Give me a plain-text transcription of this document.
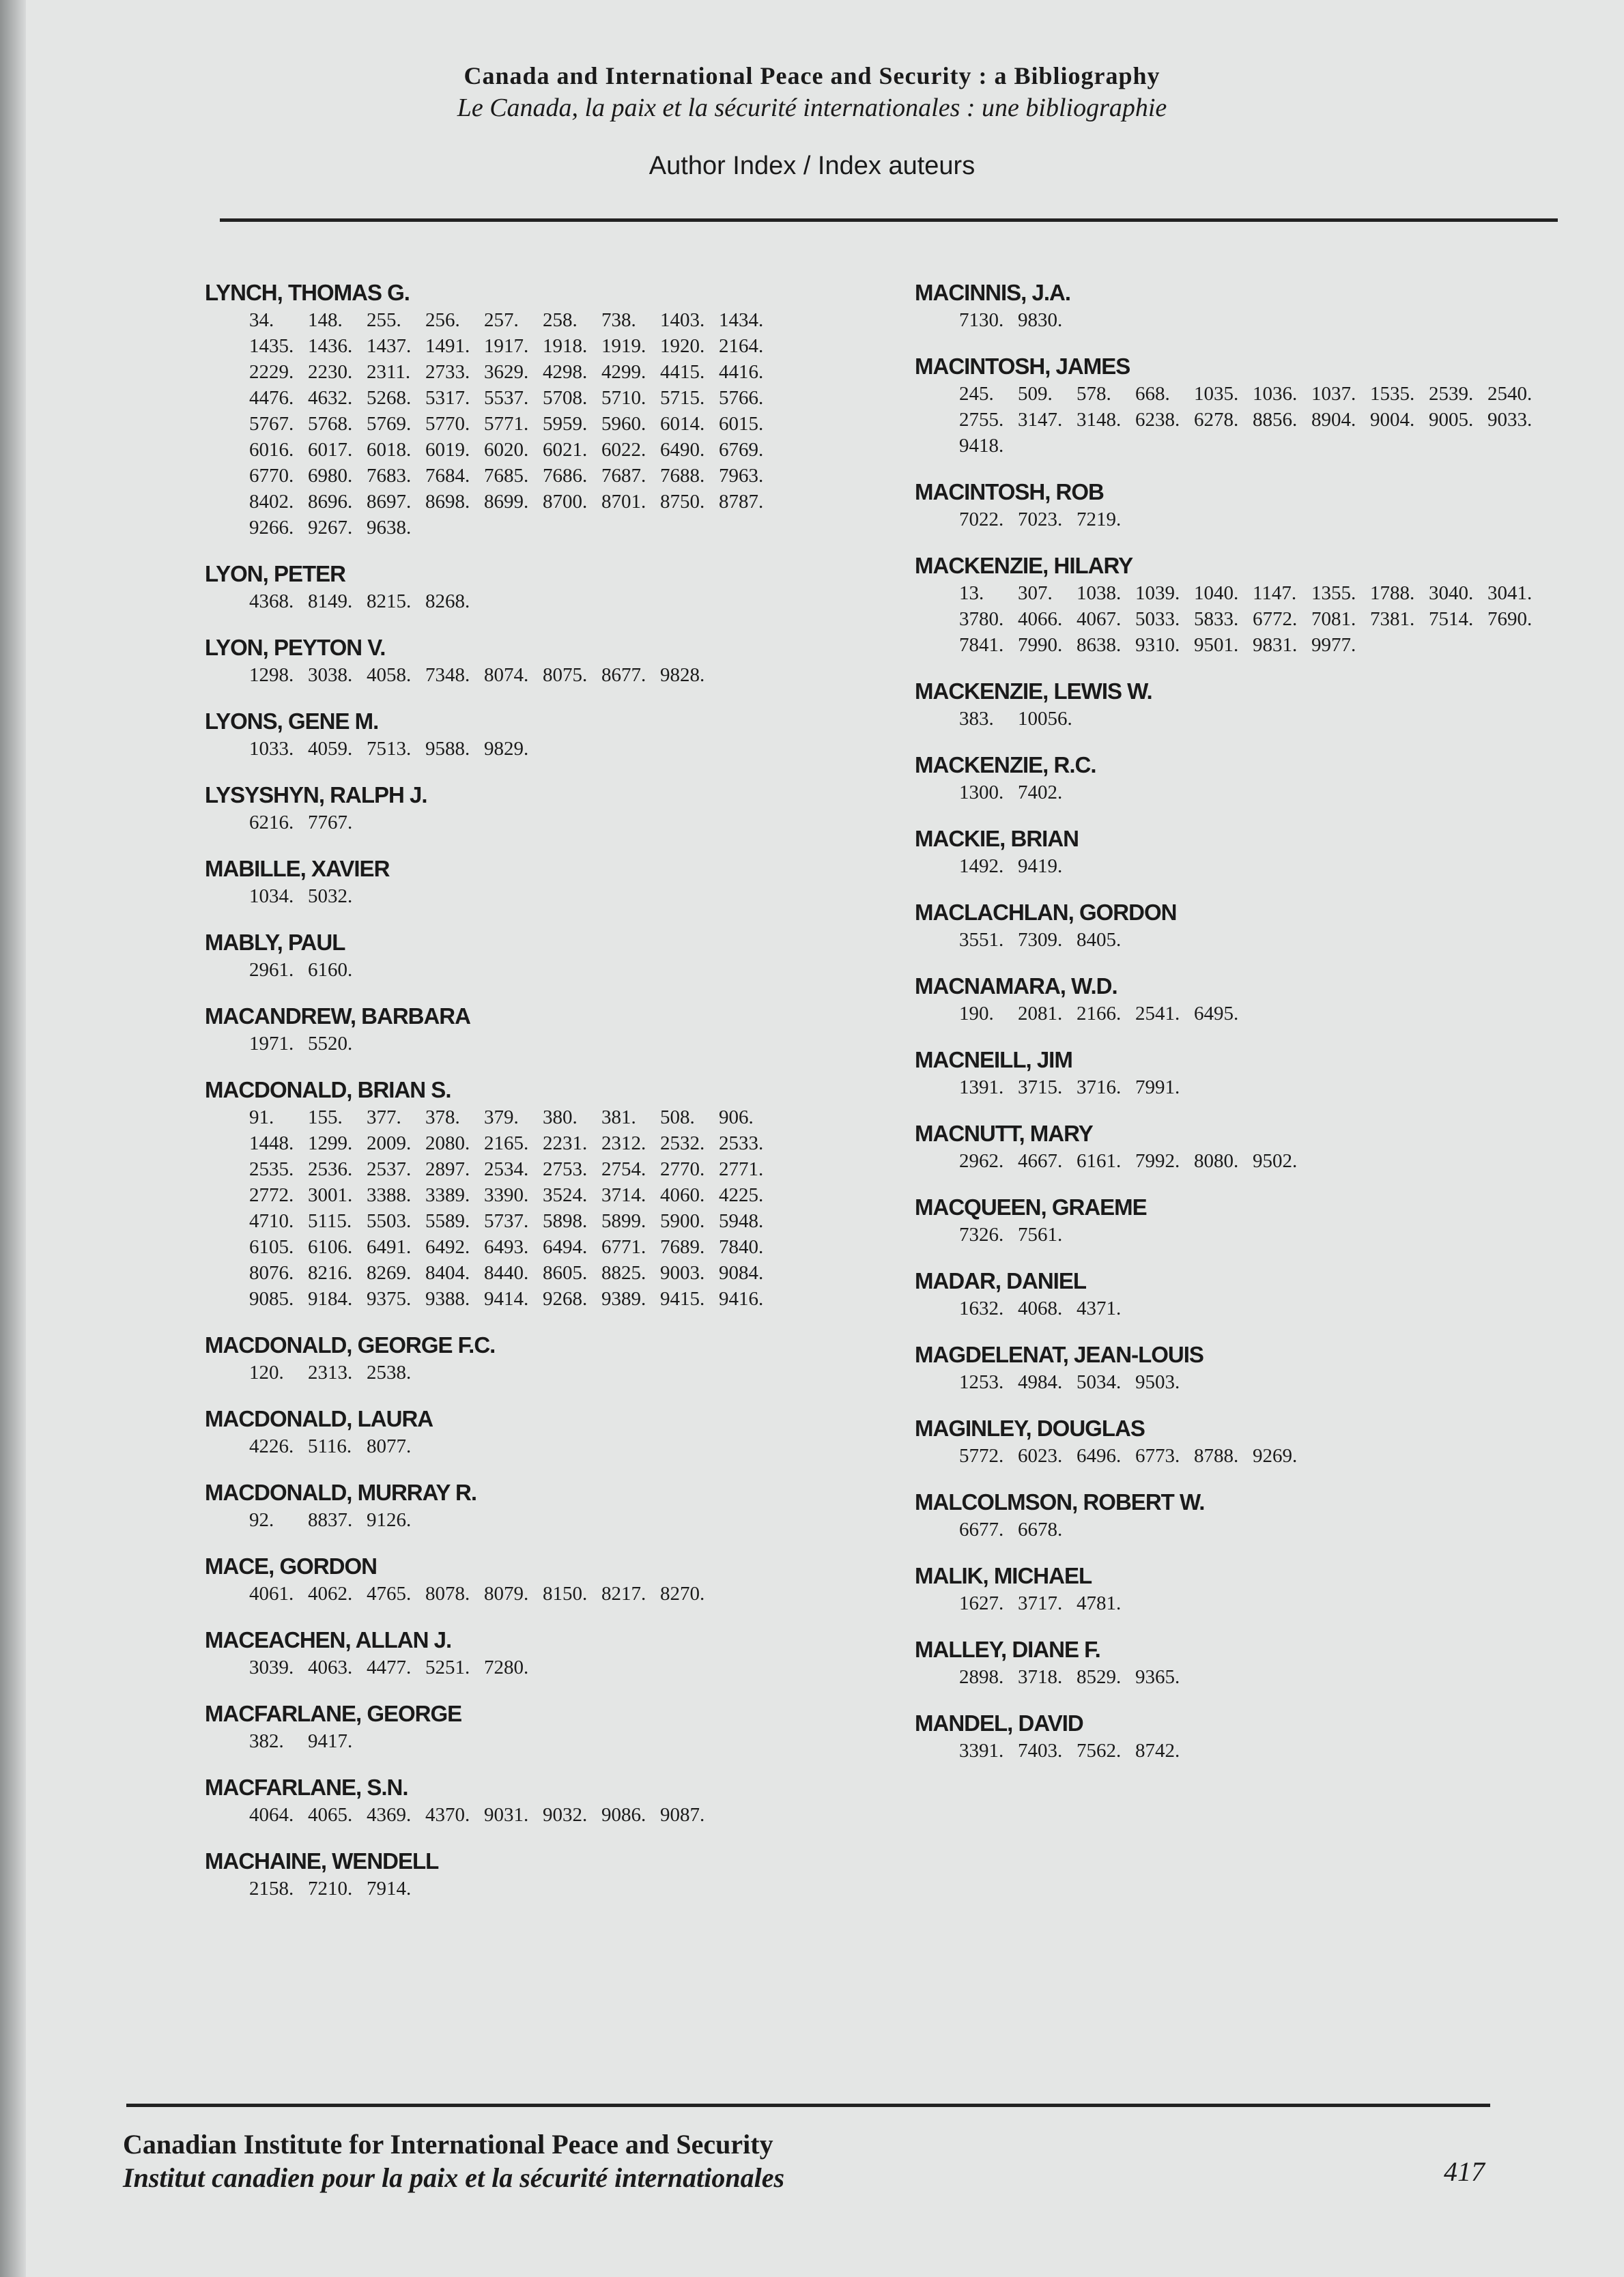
Canada and International Peace and Security : a Bibliography
Le Canada, la paix et la sécurité internationales : une bibliographie
Author Index / Index auteurs
LYNCH, THOMAS G.
34.	148.	255.	256.	257.	258.	738.	1403. 1434.
1435. 1436. 1437. 1491. 1917. 1918. 1919. 1920. 2164.
2229. 2230. 2311. 2733. 3629. 4298. 4299. 4415. 4416.
4476. 4632. 5268. 5317. 5537. 5708. 5710. 5715. 5766.
5767. 5768. 5769. 5770. 5771. 5959. 5960. 6014. 6015.
6016. 6017. 6018. 6019. 6020. 6021. 6022. 6490. 6769.
6770. 6980. 7683. 7684. 7685. 7686. 7687. 7688. 7963.
8402. 8696. 8697. 8698. 8699. 8700. 8701. 8750. 8787.
9266. 9267. 9638.
LYON, PETER
4368. 8149. 8215. 8268.
LYON, PEYTON V.
1298. 3038. 4058. 7348. 8074. 8075. 8677. 9828.
LYONS, GENE M.
1033. 4059. 7513. 9588. 9829.
LYSYSHYN, RALPH J.
6216. 7767.
MABILLE, XAVIER
1034. 5032.
MABLY, PAUL
2961. 6160.
MACANDREW, BARBARA
1971. 5520.
MACDONALD, BRIAN S.
91.	155.	377.	378.	379.	380.	381.	508.	906.
1448. 1299. 2009. 2080. 2165. 2231. 2312. 2532. 2533.
2535. 2536. 2537. 2897. 2534. 2753. 2754. 2770. 2771.
2772. 3001. 3388. 3389. 3390. 3524. 3714. 4060. 4225.
4710. 5115. 5503. 5589. 5737. 5898. 5899. 5900. 5948.
6105. 6106. 6491. 6492. 6493. 6494. 6771. 7689. 7840.
8076. 8216. 8269. 8404. 8440. 8605. 8825. 9003. 9084.
9085. 9184. 9375. 9388. 9414. 9268. 9389. 9415. 9416.
MACDONALD, GEORGE F.C.
120.	2313. 2538.
MACDONALD, LAURA
4226. 5116. 8077.
MACDONALD, MURRAY R.
92.	8837. 9126.
MACE, GORDON
4061. 4062. 4765. 8078. 8079. 8150. 8217. 8270.
MACEACHEN, ALLAN J.
3039. 4063. 4477. 5251. 7280.
MACFARLANE, GEORGE
382.	9417.
MACFARLANE, S.N.
4064. 4065. 4369. 4370. 9031. 9032. 9086. 9087.
MACHAINE, WENDELL
2158. 7210. 7914.
MACINNIS, J.A.
7130. 9830.
MACINTOSH, JAMES
245.	509.	578.	668.	1035. 1036. 1037. 1535. 2539. 2540.
2755. 3147. 3148. 6238. 6278. 8856. 8904. 9004. 9005. 9033.
9418.
MACINTOSH, ROB
7022. 7023. 7219.
MACKENZIE, HILARY
13.	307.	1038. 1039. 1040. 1147. 1355. 1788. 3040. 3041.
3780. 4066. 4067. 5033. 5833. 6772. 7081. 7381. 7514. 7690.
7841. 7990. 8638. 9310. 9501. 9831. 9977.
MACKENZIE, LEWIS W.
383.	10056.
MACKENZIE, R.C.
1300. 7402.
MACKIE, BRIAN
1492. 9419.
MACLACHLAN, GORDON
3551. 7309. 8405.
MACNAMARA, W.D.
190.	2081. 2166. 2541. 6495.
MACNEILL, JIM
1391. 3715. 3716. 7991.
MACNUTT, MARY
2962. 4667. 6161. 7992. 8080. 9502.
MACQUEEN, GRAEME
7326. 7561.
MADAR, DANIEL
1632. 4068. 4371.
MAGDELENAT, JEAN-LOUIS
1253. 4984. 5034. 9503.
MAGINLEY, DOUGLAS
5772. 6023. 6496. 6773. 8788. 9269.
MALCOLMSON, ROBERT W.
6677. 6678.
MALIK, MICHAEL
1627. 3717. 4781.
MALLEY, DIANE F.
2898. 3718. 8529. 9365.
MANDEL, DAVID
3391. 7403. 7562. 8742.
Canadian Institute for International Peace and Security
Institut canadien pour la paix et la sécurité internationales	417
